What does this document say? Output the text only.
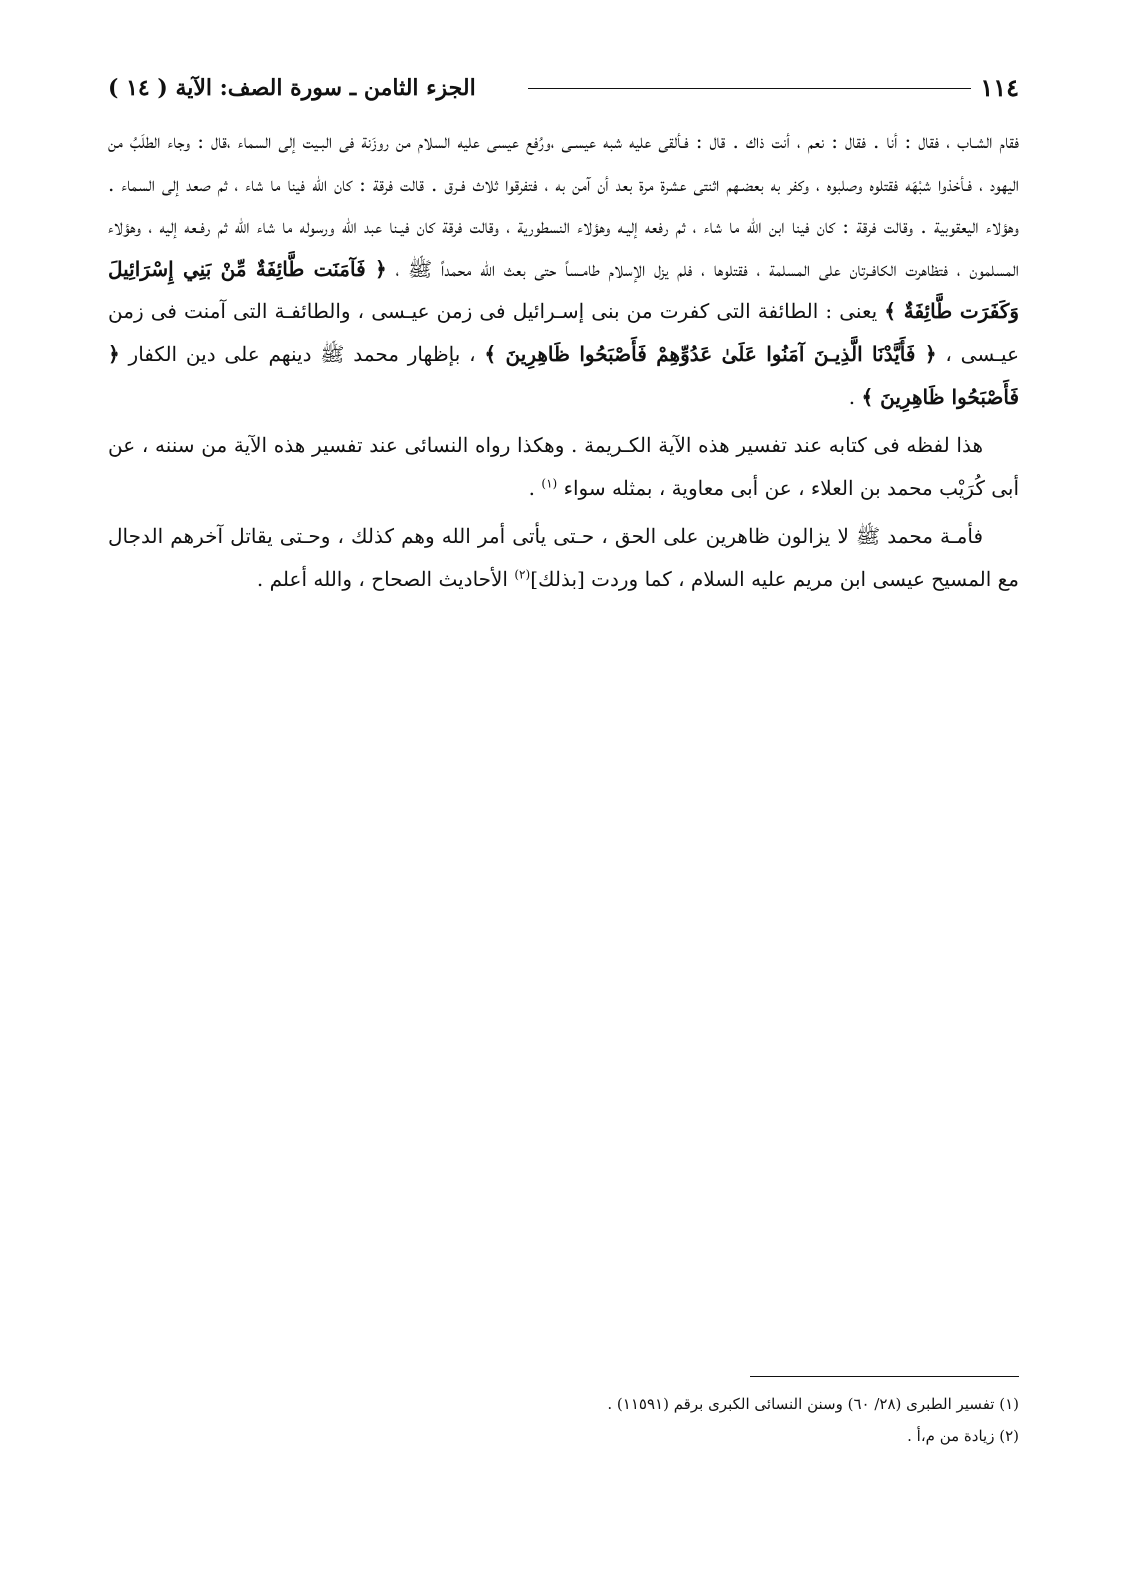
١١٤
الجزء الثامن ـ سورة الصف: الآية ( ١٤ )

فقام الشـاب ، فقال : أنا . فقال : نعم ، أنت ذاك . قال : فـألقى عليه شبه عيسـى ،ورُفع عيسى عليه السلام من روزَنة فى البـيت إلى السماء ،قال : وجاء الطلَبُ من اليهود ، فـأخذوا شبْهَه فقتلوه وصلبوه ، وكفر به بعضـهم اثنتى عشرة مرة بعد أن آمن به ، فتفرقوا ثلاث فـرق . قالت فرقة : كان الله فينا ما شاء ، ثم صعد إلى السماء . وهؤلاء اليعقوبية . وقالت فرقة : كان فينا ابن الله ما شاء ، ثم رفعه إليـه وهؤلاء النسطورية ، وقالت فرقة كان فيـنا عبد الله ورسوله ما شاء الله ثم رفـعه إليه ، وهؤلاء المسلمون ، فتظاهرت الكافـرتان على المسلمة ، فقتلوها ، فلم يزل الإسلام طامـساً حتى بعث الله محمداً ﷺ ، ﴿ فَآمَنَت طَّائِفَةٌ مِّنْ بَنِي إِسْرَائِيلَ وَكَفَرَت طَّائِفَةٌ ﴾ يعنى : الطائفة التى كفرت من بنى إسـرائيل فى زمن عيـسى ، والطائفـة التى آمنت فى زمن عيـسى ، ﴿ فَأَيَّدْنَا الَّذِيـنَ آمَنُوا عَلَىٰ عَدُوِّهِمْ فَأَصْبَحُوا ظَاهِرِينَ ﴾ ، بإظهار محمد ﷺ دينهم على دين الكفار ﴿ فَأَصْبَحُوا ظَاهِرِينَ ﴾ .

هذا لفظه فى كتابه عند تفسير هذه الآية الكـريمة . وهكذا رواه النسائى عند تفسير هذه الآية من سننه ، عن أبى كُرَيْب محمد بن العلاء ، عن أبى معاوية ، بمثله سواء $^{(١)}$ .

فأمـة محمد ﷺ لا يزالون ظاهرين على الحق ، حـتى يأتى أمر الله وهم كذلك ، وحـتى يقاتل آخرهم الدجال مع المسيح عيسى ابن مريم عليه السلام ، كما وردت [بذلك]$^{(٢)}$ الأحاديث الصحاح ، والله أعلم .

(١) تفسير الطبرى (٢٨/ ٦٠) وسنن النسائى الكبرى برقم (١١٥٩١) .

(٢) زيادة من م،أ .
